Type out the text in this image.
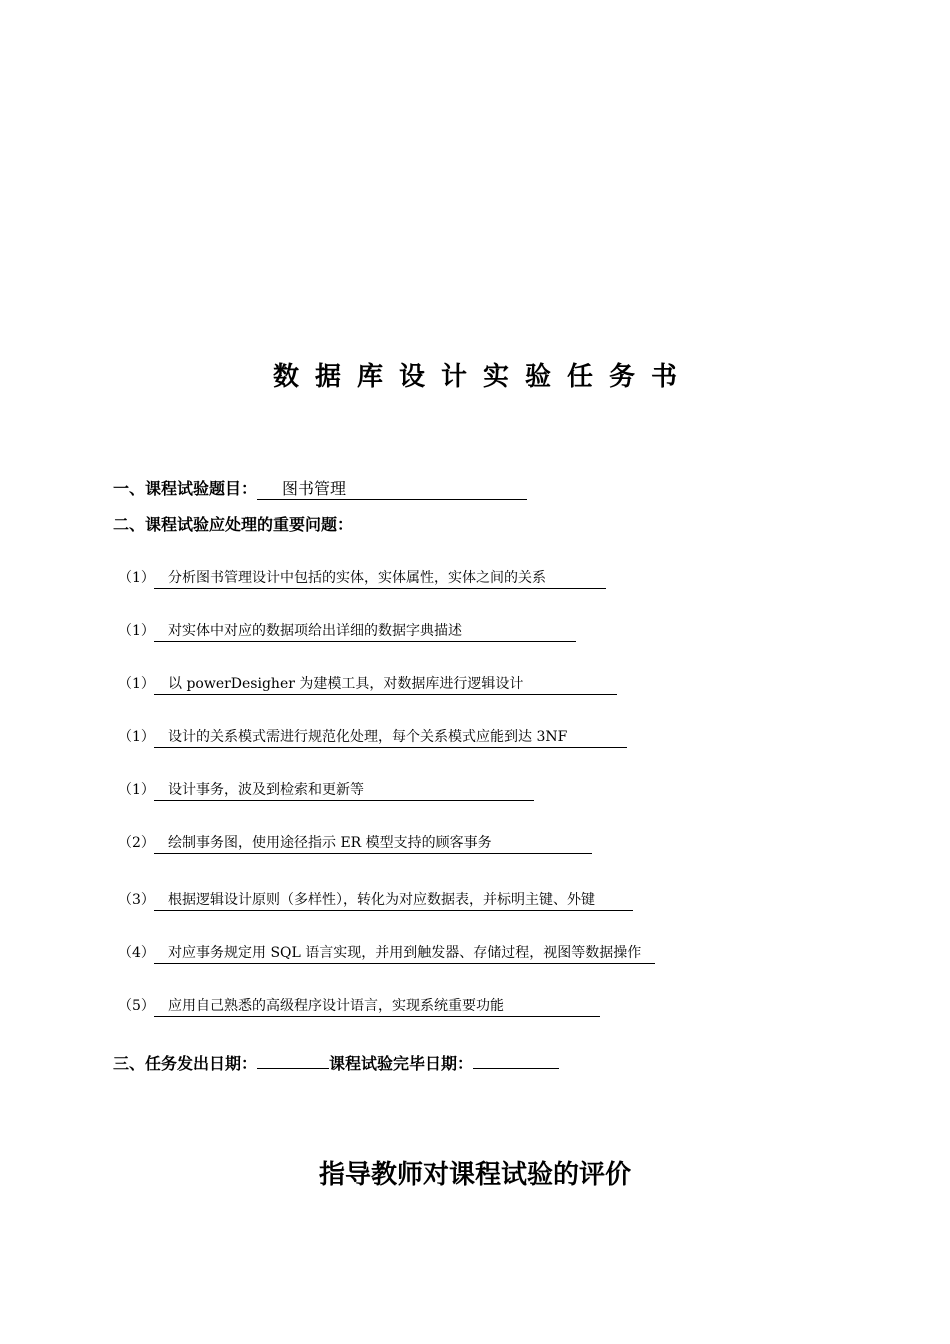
数据库设计实验任务书
一、课程试验题目： 图书管理
二、课程试验应处理的重要问题：
（1） 分析图书管理设计中包括的实体，实体属性，实体之间的关系
（1） 对实体中对应的数据项给出详细的数据字典描述
（1） 以 powerDesigher 为建模工具，对数据库进行逻辑设计
（1） 设计的关系模式需进行规范化处理，每个关系模式应能到达 3NF
（1） 设计事务，波及到检索和更新等
（2） 绘制事务图，使用途径指示 ER 模型支持的顾客事务
（3） 根据逻辑设计原则（多样性），转化为对应数据表，并标明主键、外键
（4） 对应事务规定用 SQL 语言实现，并用到触发器、存储过程，视图等数据操作
（5） 应用自己熟悉的高级程序设计语言，实现系统重要功能
三、任务发出日期：	课程试验完毕日期：
指导教师对课程试验的评价
